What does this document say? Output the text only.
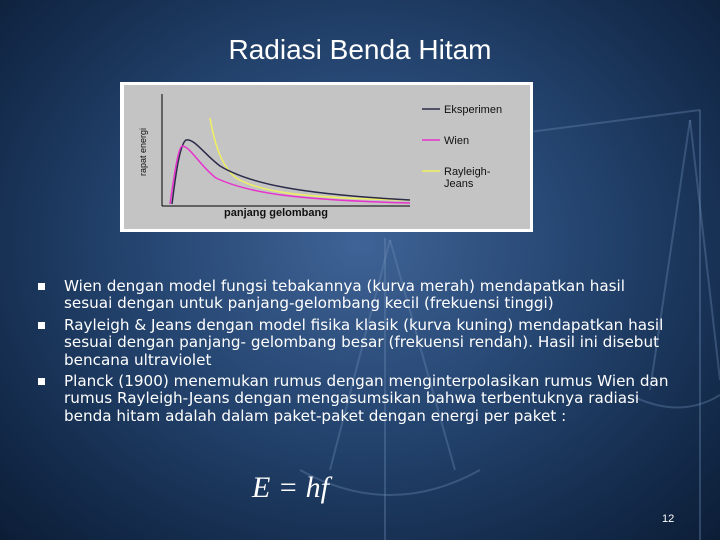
Radiasi Benda Hitam
rapat energi
panjang gelombang
Eksperimen
Wien
Rayleigh-
Jeans
Wien dengan model fungsi tebakannya (kurva merah) mendapatkan hasil sesuai dengan untuk panjang-gelombang kecil (frekuensi tinggi)
Rayleigh & Jeans dengan model fisika klasik (kurva kuning) mendapatkan hasil sesuai dengan panjang- gelombang besar (frekuensi rendah). Hasil ini disebut bencana ultraviolet
Planck (1900) menemukan rumus dengan menginterpolasikan rumus Wien dan rumus Rayleigh-Jeans dengan mengasumsikan bahwa terbentuknya radiasi benda hitam adalah dalam paket-paket dengan energi per paket :
E = hf
12
